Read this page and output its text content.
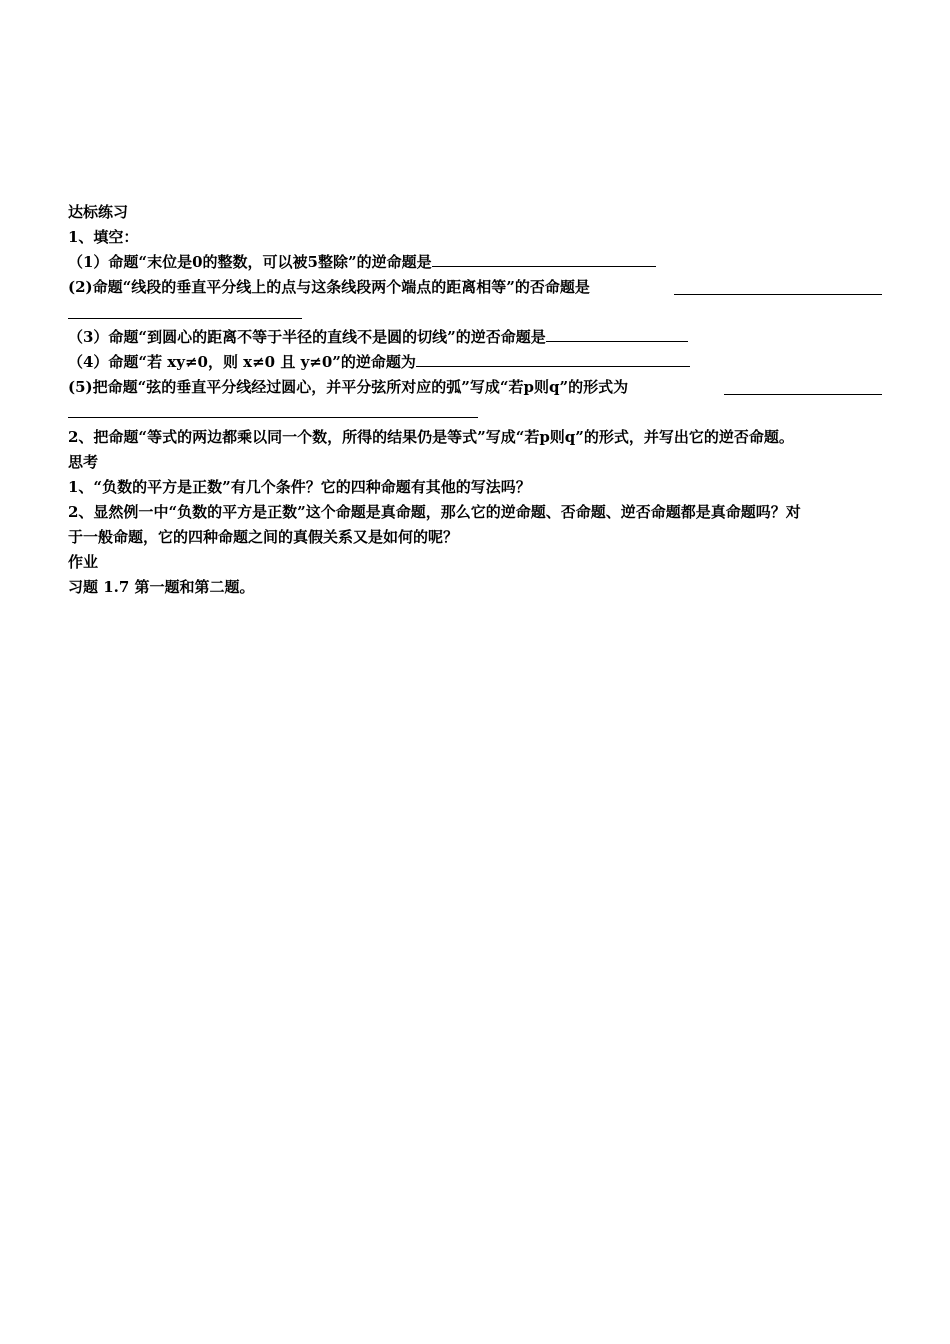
达标练习
1、填空：
（1）命题“末位是0的整数，可以被5整除”的逆命题是
(2)命题“线段的垂直平分线上的点与这条线段两个端点的距离相等”的否命题是
（3）命题“到圆心的距离不等于半径的直线不是圆的切线”的逆否命题是
（4）命题“若 xy≠0，则 x≠0 且 y≠0”的逆命题为
(5)把命题“弦的垂直平分线经过圆心，并平分弦所对应的弧”写成“若p则q”的形式为
2、把命题“等式的两边都乘以同一个数，所得的结果仍是等式”写成“若p则q”的形式，并写出它的逆否命题。
思考
1、“负数的平方是正数”有几个条件？它的四种命题有其他的写法吗？
2、显然例一中“负数的平方是正数”这个命题是真命题，那么它的逆命题、否命题、逆否命题都是真命题吗？对
于一般命题，它的四种命题之间的真假关系又是如何的呢？
作业
习题 1.7 第一题和第二题。
